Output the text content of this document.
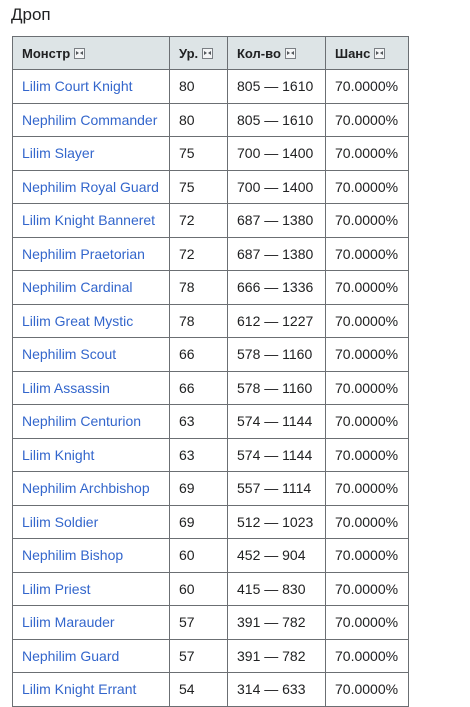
Дроп
Монстр	Ур.	Кол-во	Шанс

Lilim Court Knight	80	805 — 1610	70.0000%
Nephilim Commander	80	805 — 1610	70.0000%
Lilim Slayer	75	700 — 1400	70.0000%
Nephilim Royal Guard	75	700 — 1400	70.0000%
Lilim Knight Banneret	72	687 — 1380	70.0000%
Nephilim Praetorian	72	687 — 1380	70.0000%
Nephilim Cardinal	78	666 — 1336	70.0000%
Lilim Great Mystic	78	612 — 1227	70.0000%
Nephilim Scout	66	578 — 1160	70.0000%
Lilim Assassin	66	578 — 1160	70.0000%
Nephilim Centurion	63	574 — 1144	70.0000%
Lilim Knight	63	574 — 1144	70.0000%
Nephilim Archbishop	69	557 — 1114	70.0000%
Lilim Soldier	69	512 — 1023	70.0000%
Nephilim Bishop	60	452 — 904	70.0000%
Lilim Priest	60	415 — 830	70.0000%
Lilim Marauder	57	391 — 782	70.0000%
Nephilim Guard	57	391 — 782	70.0000%
Lilim Knight Errant	54	314 — 633	70.0000%
